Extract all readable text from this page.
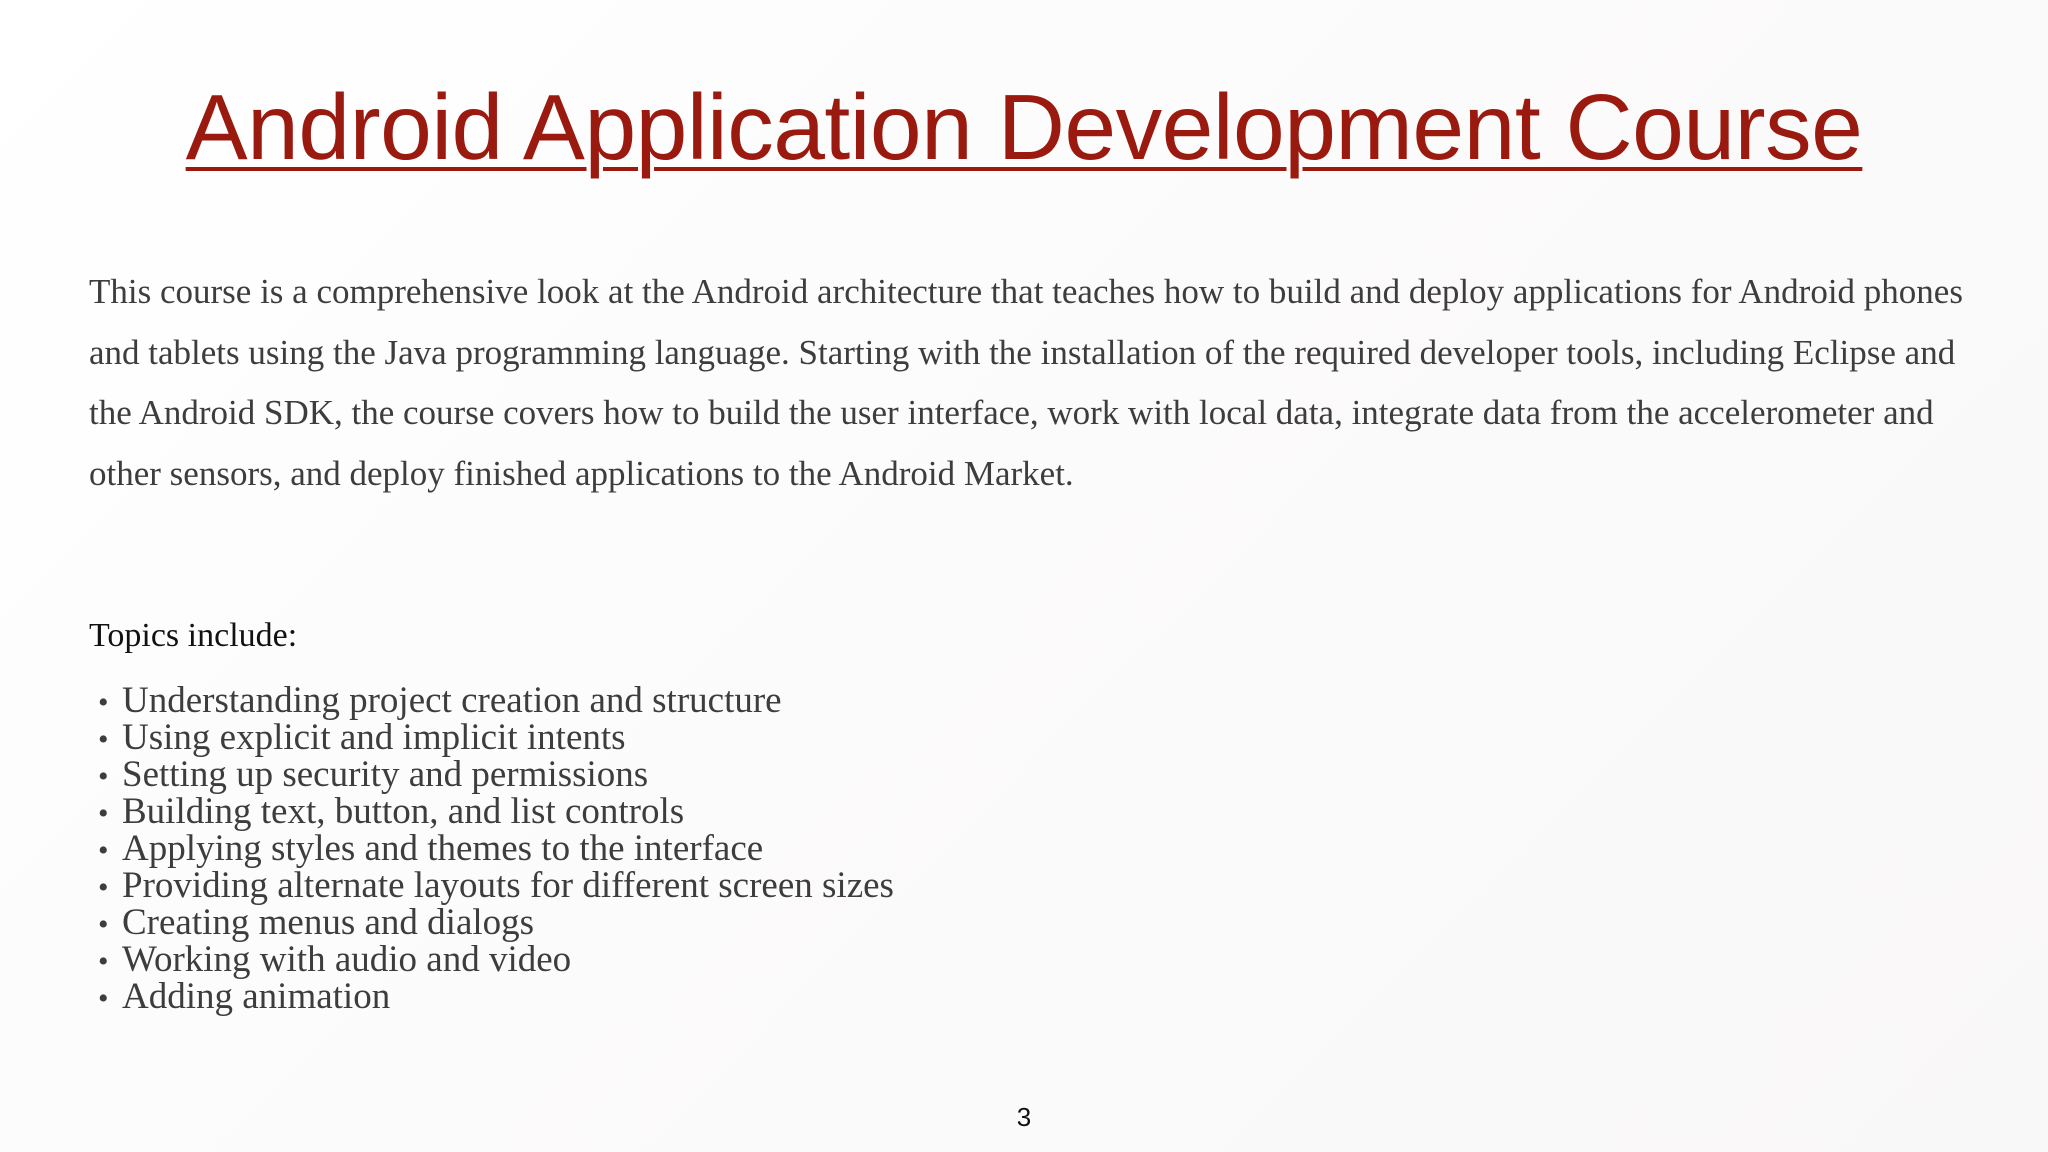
Android Application Development Course

This course is a comprehensive look at the Android architecture that teaches how to build and deploy applications for Android phones and tablets using the Java programming language. Starting with the installation of the required developer tools, including Eclipse and the Android SDK, the course covers how to build the user interface, work with local data, integrate data from the accelerometer and other sensors, and deploy finished applications to the Android Market.

Topics include:

• Understanding project creation and structure
• Using explicit and implicit intents
• Setting up security and permissions
• Building text, button, and list controls
• Applying styles and themes to the interface
• Providing alternate layouts for different screen sizes
• Creating menus and dialogs
• Working with audio and video
• Adding animation

3
